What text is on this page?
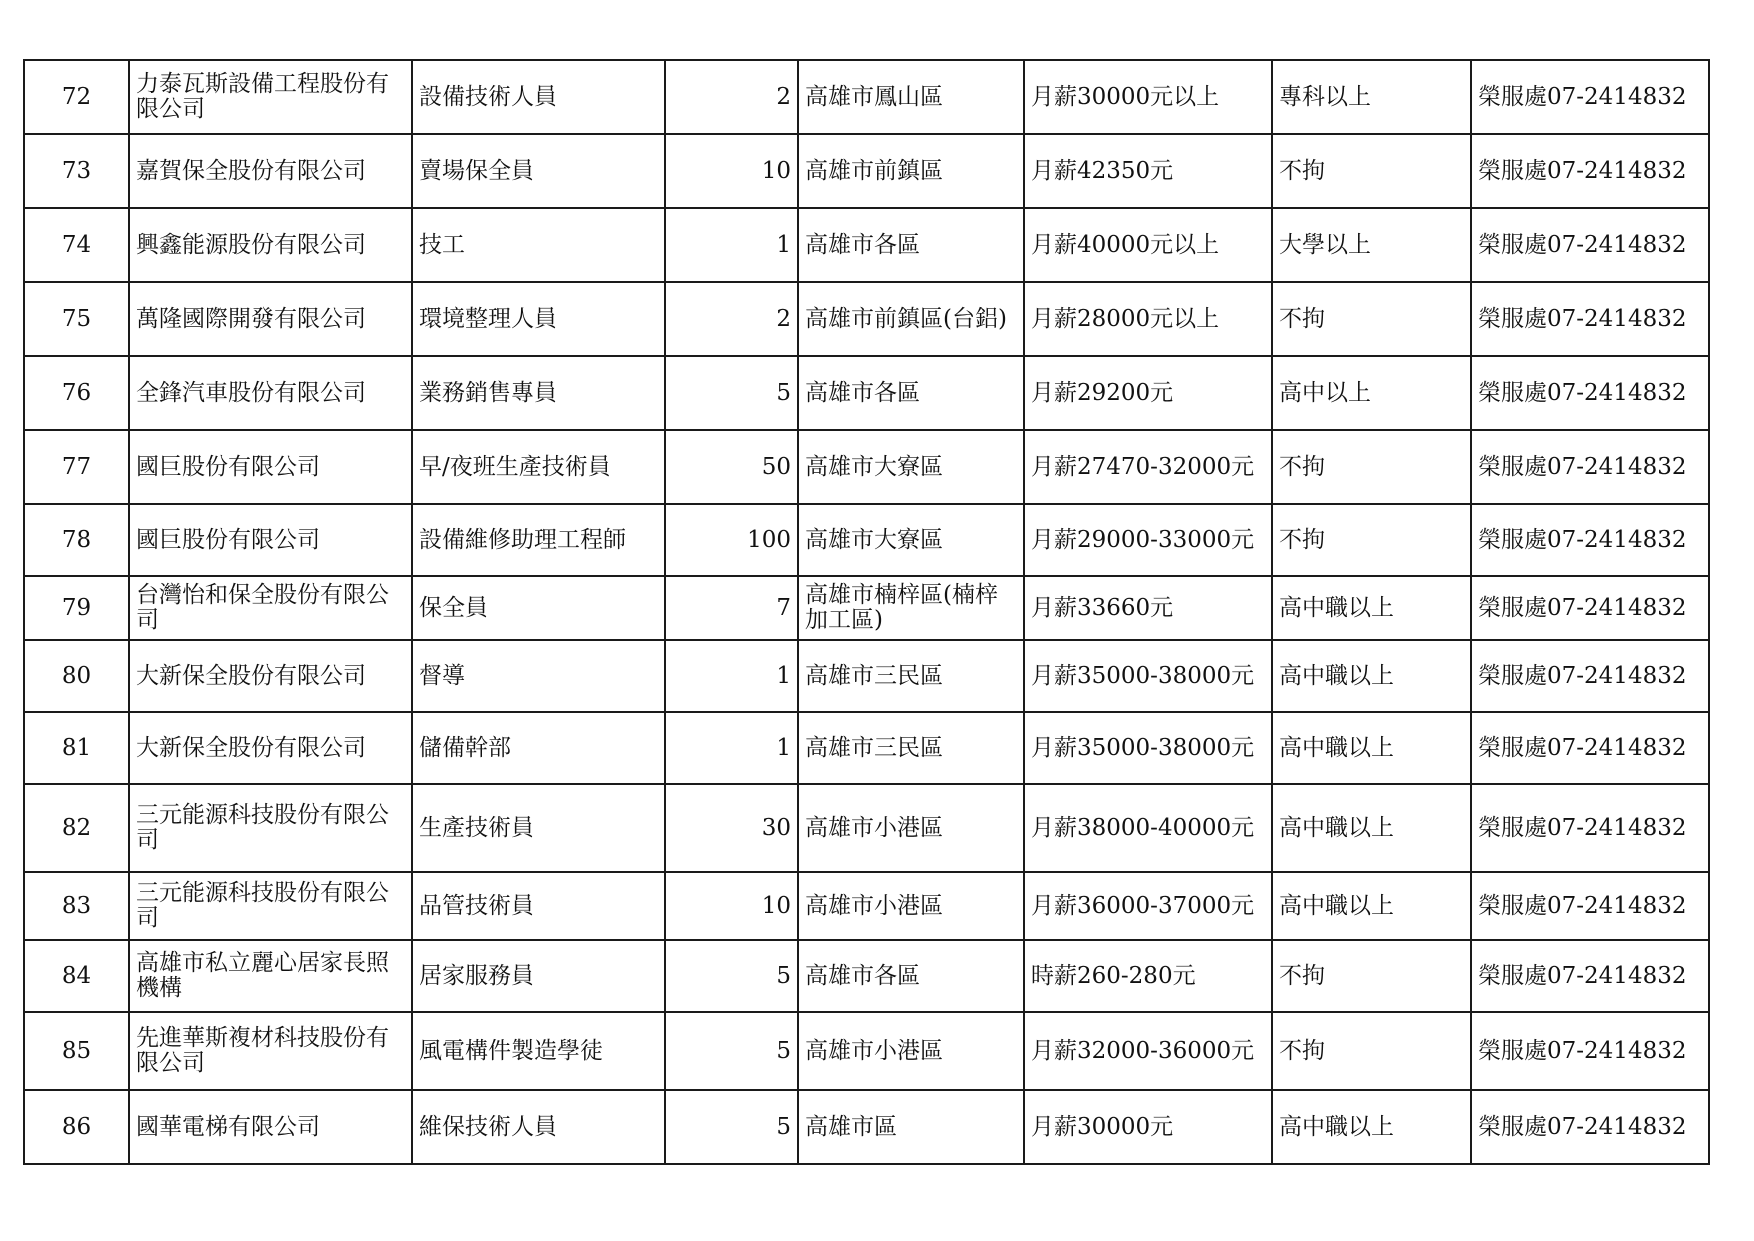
72	力泰瓦斯設備工程股份有限公司	設備技術人員	2	高雄市鳳山區	月薪30000元以上	專科以上	榮服處07-2414832
73	嘉賀保全股份有限公司	賣場保全員	10	高雄市前鎮區	月薪42350元	不拘	榮服處07-2414832
74	興鑫能源股份有限公司	技工	1	高雄市各區	月薪40000元以上	大學以上	榮服處07-2414832
75	萬隆國際開發有限公司	環境整理人員	2	高雄市前鎮區(台鋁)	月薪28000元以上	不拘	榮服處07-2414832
76	全鋒汽車股份有限公司	業務銷售專員	5	高雄市各區	月薪29200元	高中以上	榮服處07-2414832
77	國巨股份有限公司	早/夜班生產技術員	50	高雄市大寮區	月薪27470-32000元	不拘	榮服處07-2414832
78	國巨股份有限公司	設備維修助理工程師	100	高雄市大寮區	月薪29000-33000元	不拘	榮服處07-2414832
79	台灣怡和保全股份有限公司	保全員	7	高雄市楠梓區(楠梓加工區)	月薪33660元	高中職以上	榮服處07-2414832
80	大新保全股份有限公司	督導	1	高雄市三民區	月薪35000-38000元	高中職以上	榮服處07-2414832
81	大新保全股份有限公司	儲備幹部	1	高雄市三民區	月薪35000-38000元	高中職以上	榮服處07-2414832
82	三元能源科技股份有限公司	生產技術員	30	高雄市小港區	月薪38000-40000元	高中職以上	榮服處07-2414832
83	三元能源科技股份有限公司	品管技術員	10	高雄市小港區	月薪36000-37000元	高中職以上	榮服處07-2414832
84	高雄市私立麗心居家長照機構	居家服務員	5	高雄市各區	時薪260-280元	不拘	榮服處07-2414832
85	先進華斯複材科技股份有限公司	風電構件製造學徒	5	高雄市小港區	月薪32000-36000元	不拘	榮服處07-2414832
86	國華電梯有限公司	維保技術人員	5	高雄市區	月薪30000元	高中職以上	榮服處07-2414832
